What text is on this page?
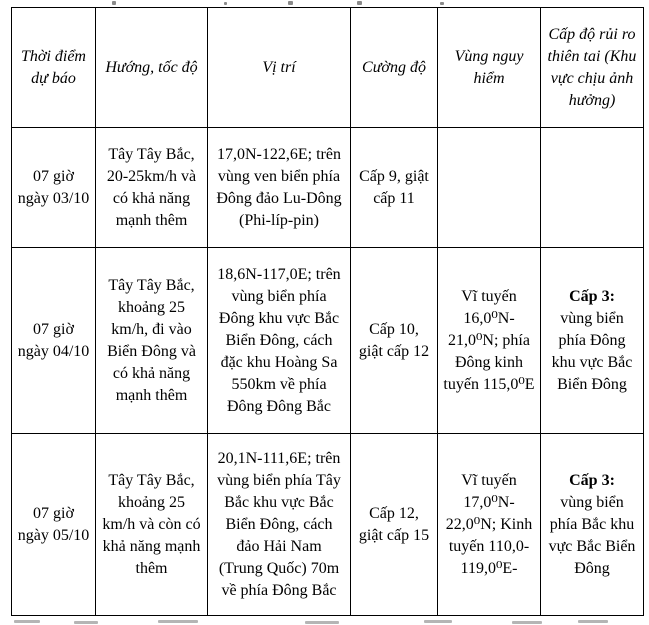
Thời điểm dự báo	Hướng, tốc độ	Vị trí	Cường độ	Vùng nguy hiểm	Cấp độ rủi ro thiên tai (Khu vực chịu ảnh hưởng)
07 giờ ngày 03/10	Tây Tây Bắc, 20-25km/h và có khả năng mạnh thêm	17,0N-122,6E; trên vùng ven biển phía Đông đảo Lu-Dông (Phi-líp-pin)	Cấp 9, giật cấp 11		

07 giờ ngày 04/10	Tây Tây Bắc, khoảng 25 km/h, đi vào Biển Đông và có khả năng mạnh thêm	18,6N-117,0E; trên vùng biển phía Đông khu vực Bắc Biển Đông, cách đặc khu Hoàng Sa 550km về phía Đông Đông Bắc	Cấp 10, giật cấp 12	Vĩ tuyến 16,0⁰N-21,0⁰N; phía Đông kinh tuyến 115,0⁰E	Cấp 3:
vùng biển phía Đông khu vực Bắc Biển Đông
07 giờ ngày 05/10	Tây Tây Bắc, khoảng 25 km/h và còn có khả năng mạnh thêm	20,1N-111,6E; trên vùng biển phía Tây Bắc khu vực Bắc Biển Đông, cách đảo Hải Nam (Trung Quốc) 70m về phía Đông Bắc	Cấp 12, giật cấp 15	Vĩ tuyến 17,0⁰N-22,0⁰N; Kinh tuyến 110,0-119,0⁰E-	Cấp 3:
vùng biển phía Bắc khu vực Bắc Biển Đông
